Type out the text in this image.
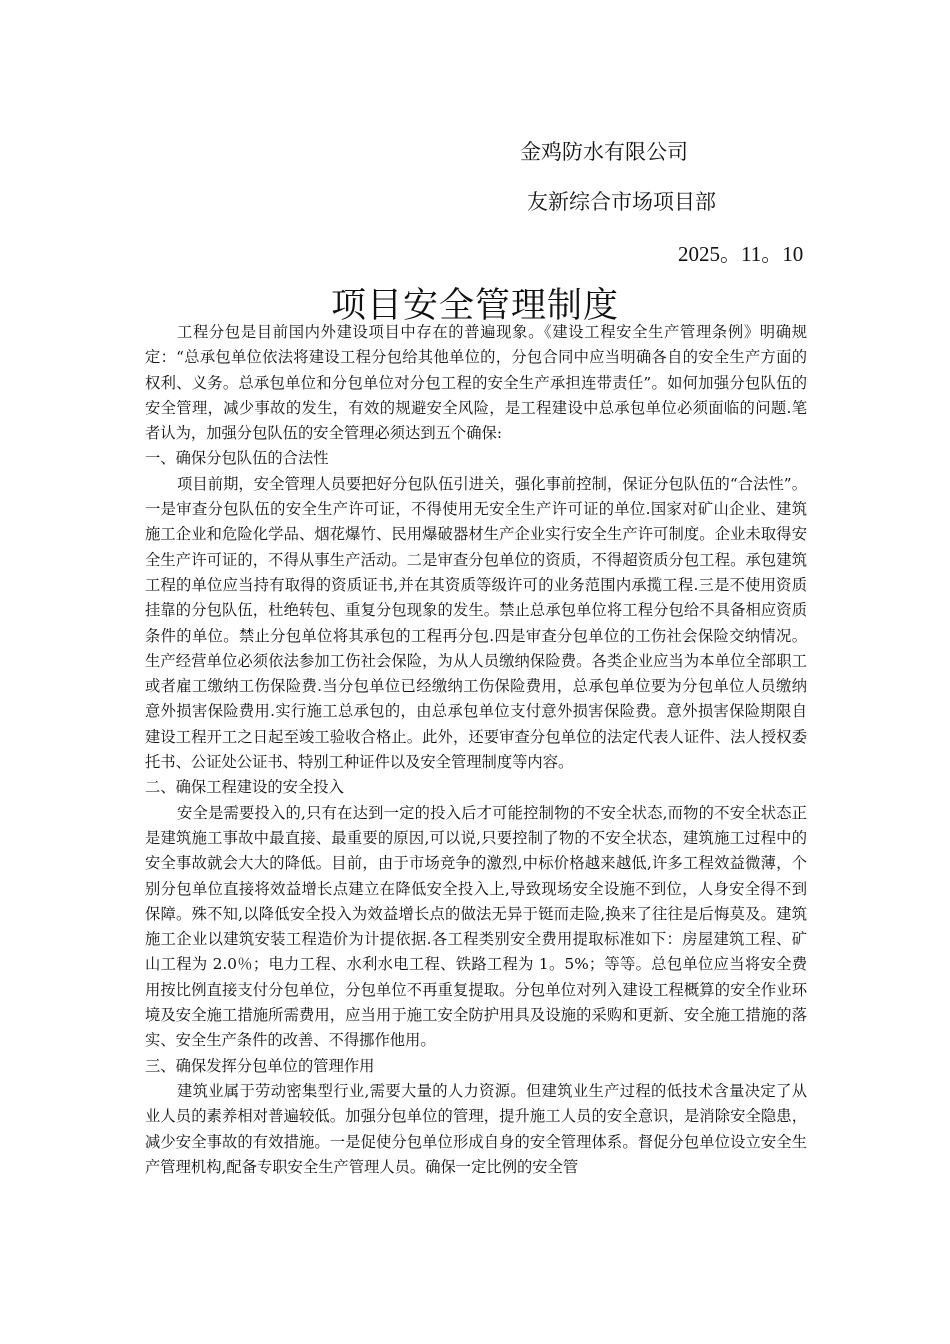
金鸡防水有限公司
友新综合市场项目部
2025。11。10
项目安全管理制度

工程分包是目前国内外建设项目中存在的普遍现象。《建设工程安全生产管理条例》明确规定：“总承包单位依法将建设工程分包给其他单位的，分包合同中应当明确各自的安全生产方面的权利、义务。总承包单位和分包单位对分包工程的安全生产承担连带责任”。如何加强分包队伍的安全管理，减少事故的发生，有效的规避安全风险，是工程建设中总承包单位必须面临的问题.笔者认为，加强分包队伍的安全管理必须达到五个确保:

一、确保分包队伍的合法性

项目前期，安全管理人员要把好分包队伍引进关，强化事前控制，保证分包队伍的“合法性”。一是审查分包队伍的安全生产许可证，不得使用无安全生产许可证的单位.国家对矿山企业、建筑施工企业和危险化学品、烟花爆竹、民用爆破器材生产企业实行安全生产许可制度。企业未取得安全生产许可证的，不得从事生产活动。二是审查分包单位的资质，不得超资质分包工程。承包建筑工程的单位应当持有取得的资质证书,并在其资质等级许可的业务范围内承揽工程.三是不使用资质挂靠的分包队伍，杜绝转包、重复分包现象的发生。禁止总承包单位将工程分包给不具备相应资质条件的单位。禁止分包单位将其承包的工程再分包.四是审查分包单位的工伤社会保险交纳情况。生产经营单位必须依法参加工伤社会保险，为从人员缴纳保险费。各类企业应当为本单位全部职工或者雇工缴纳工伤保险费.当分包单位已经缴纳工伤保险费用，总承包单位要为分包单位人员缴纳意外损害保险费用.实行施工总承包的，由总承包单位支付意外损害保险费。意外损害保险期限自建设工程开工之日起至竣工验收合格止。此外，还要审查分包单位的法定代表人证件、法人授权委托书、公证处公证书、特别工种证件以及安全管理制度等内容。

二、确保工程建设的安全投入

安全是需要投入的,只有在达到一定的投入后才可能控制物的不安全状态,而物的不安全状态正是建筑施工事故中最直接、最重要的原因,可以说,只要控制了物的不安全状态，建筑施工过程中的安全事故就会大大的降低。目前，由于市场竞争的激烈,中标价格越来越低,许多工程效益微薄，个别分包单位直接将效益增长点建立在降低安全投入上,导致现场安全设施不到位，人身安全得不到保障。殊不知,以降低安全投入为效益增长点的做法无异于铤而走险,换来了往往是后悔莫及。建筑施工企业以建筑安装工程造价为计提依据.各工程类别安全费用提取标准如下：房屋建筑工程、矿山工程为 2.0％；电力工程、水利水电工程、铁路工程为 1。5%；等等。总包单位应当将安全费用按比例直接支付分包单位，分包单位不再重复提取。分包单位对列入建设工程概算的安全作业环境及安全施工措施所需费用，应当用于施工安全防护用具及设施的采购和更新、安全施工措施的落实、安全生产条件的改善、不得挪作他用。

三、确保发挥分包单位的管理作用

建筑业属于劳动密集型行业,需要大量的人力资源。但建筑业生产过程的低技术含量决定了从业人员的素养相对普遍较低。加强分包单位的管理，提升施工人员的安全意识，是消除安全隐患，减少安全事故的有效措施。一是促使分包单位形成自身的安全管理体系。督促分包单位设立安全生产管理机构,配备专职安全生产管理人员。确保一定比例的安全管
